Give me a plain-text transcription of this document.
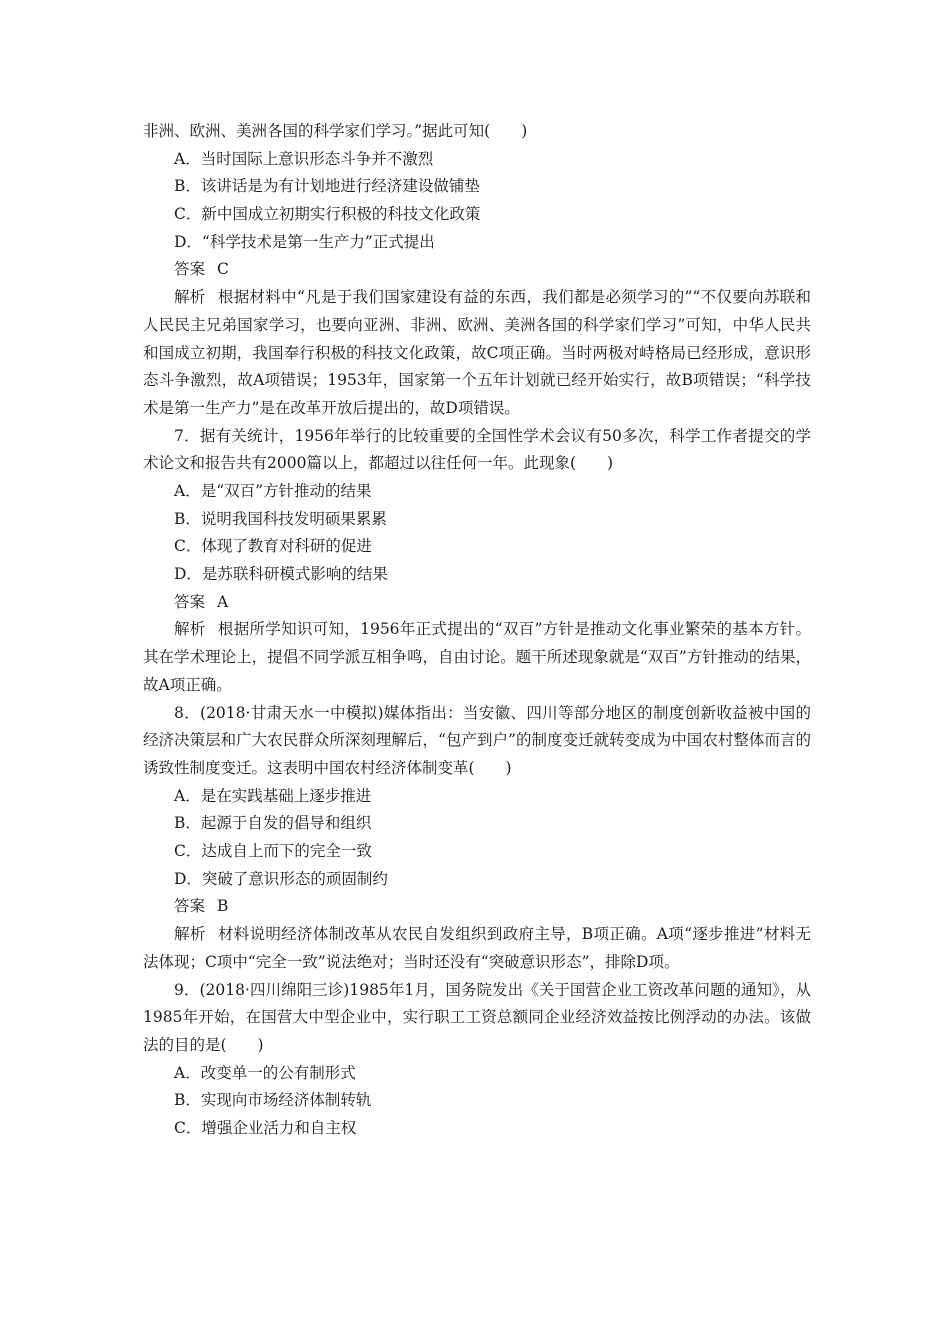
非洲、欧洲、美洲各国的科学家们学习。”据此可知(　　)
A．当时国际上意识形态斗争并不激烈
B．该讲话是为有计划地进行经济建设做铺垫
C．新中国成立初期实行积极的科技文化政策
D．“科学技术是第一生产力”正式提出
答案 C

解析 根据材料中“凡是于我们国家建设有益的东西，我们都是必须学习的”“不仅要向苏联和人民民主兄弟国家学习，也要向亚洲、非洲、欧洲、美洲各国的科学家们学习”可知，中华人民共和国成立初期，我国奉行积极的科技文化政策，故C项正确。当时两极对峙格局已经形成，意识形态斗争激烈，故A项错误；1953年，国家第一个五年计划就已经开始实行，故B项错误；“科学技术是第一生产力”是在改革开放后提出的，故D项错误。

7．据有关统计，1956年举行的比较重要的全国性学术会议有50多次，科学工作者提交的学术论文和报告共有2000篇以上，都超过以往任何一年。此现象(　　)

A．是“双百”方针推动的结果
B．说明我国科技发明硕果累累
C．体现了教育对科研的促进
D．是苏联科研模式影响的结果
答案 A

解析 根据所学知识可知，1956年正式提出的“双百”方针是推动文化事业繁荣的基本方针。其在学术理论上，提倡不同学派互相争鸣，自由讨论。题干所述现象就是“双百”方针推动的结果，故A项正确。

8．(2018·甘肃天水一中模拟)媒体指出：当安徽、四川等部分地区的制度创新收益被中国的经济决策层和广大农民群众所深刻理解后，“包产到户”的制度变迁就转变成为中国农村整体而言的诱致性制度变迁。这表明中国农村经济体制变革(　　)

A．是在实践基础上逐步推进
B．起源于自发的倡导和组织
C．达成自上而下的完全一致
D．突破了意识形态的顽固制约
答案 B

解析 材料说明经济体制改革从农民自发组织到政府主导，B项正确。A项“逐步推进”材料无法体现；C项中“完全一致”说法绝对；当时还没有“突破意识形态”，排除D项。

9．(2018·四川绵阳三诊)1985年1月，国务院发出《关于国营企业工资改革问题的通知》，从1985年开始，在国营大中型企业中，实行职工工资总额同企业经济效益按比例浮动的办法。该做法的目的是(　　)

A．改变单一的公有制形式
B．实现向市场经济体制转轨
C．增强企业活力和自主权
